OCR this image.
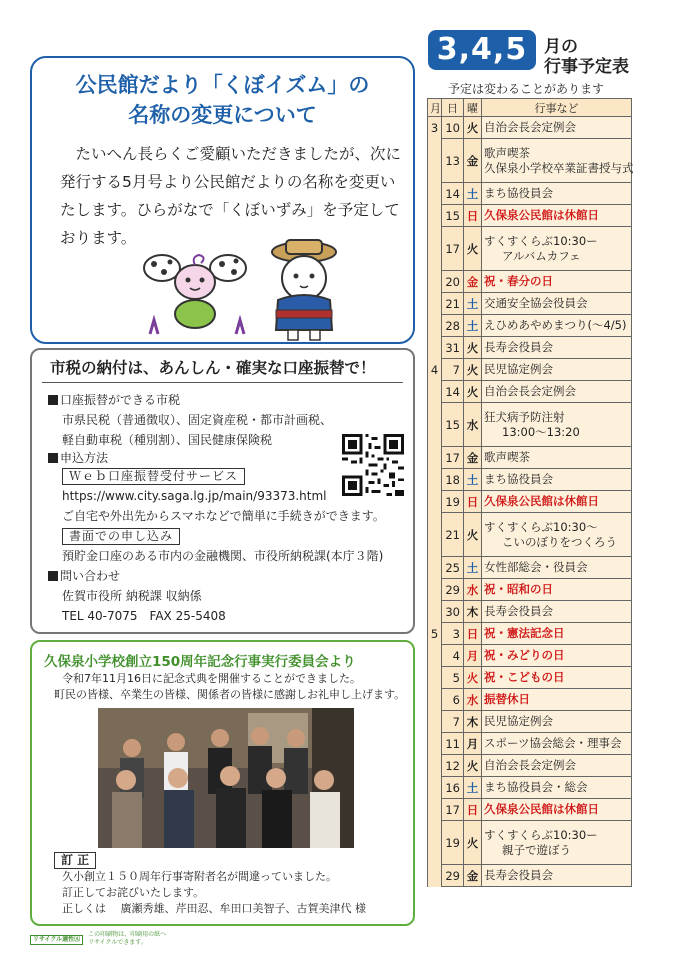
公民館だより「くぼイズム」の
名称の変更について

たいへん長らくご愛顧いただきましたが、次に発行する5月号より公民館だよりの名称を変更いたします。ひらがなで「くぼいずみ」を予定しております。

市税の納付は、あんしん・確実な口座振替で！
口座振替ができる市税
市県民税（普通徴収）、固定資産税・都市計画税、
軽自動車税（種別割）、国民健康保険税
申込方法
Ｗｅｂ口座振替受付サービス
https://www.city.saga.lg.jp/main/93373.html
ご自宅や外出先からスマホなどで簡単に手続きができます。
書面での申し込み
預貯金口座のある市内の金融機関、市役所納税課(本庁３階)
問い合わせ
佐賀市役所 納税課 収納係
TEL 40-7075　FAX 25-5408
久保泉小学校創立150周年記念行事実行委員会より
令和7年11月16日に記念式典を開催することができました。
町民の皆様、卒業生の皆様、関係者の皆様に感謝しお礼申し上げます。
訂 正
久小創立１５０周年行事寄附者名が間違っていました。
訂正してお詫びいたします。
正しくは　 廣瀬秀雄、芹田忍、牟田口美智子、古賀美津代 様
リサイクル適性Ⓐ
この印刷物は、印刷用の紙へ
リサイクルできます。
3,4,5 月の
行事予定表
予定は変わることがあります
月	日	曜	行事など
3	10	火	自治会長会定例会

	13	金	歌声喫茶
久保泉小学校卒業証書授与式

	14	土	まち協役員会

	15	日	久保泉公民館は休館日

	17	火	すくすくらぶ10:30ー
アルバムカフェ

	20	金	祝・春分の日

	21	土	交通安全協会役員会

	28	土	えひめあやめまつり(～4/5)

	31	火	長寿会役員会

4	7	火	民児協定例会

	14	火	自治会長会定例会

	15	水	狂犬病予防注射
13:00～13:20

	17	金	歌声喫茶

	18	土	まち協役員会

	19	日	久保泉公民館は休館日

	21	火	すくすくらぶ10:30～
こいのぼりをつくろう

	25	土	女性部総会・役員会

	29	水	祝・昭和の日

	30	木	長寿会役員会

5	3	日	祝・憲法記念日

	4	月	祝・みどりの日

	5	火	祝・こどもの日

	6	水	振替休日

	7	木	民児協定例会

	11	月	スポーツ協会総会・理事会

	12	火	自治会長会定例会

	16	土	まち協役員会・総会

	17	日	久保泉公民館は休館日

	19	火	すくすくらぶ10:30ー
親子で遊ぼう

	29	金	長寿会役員会
